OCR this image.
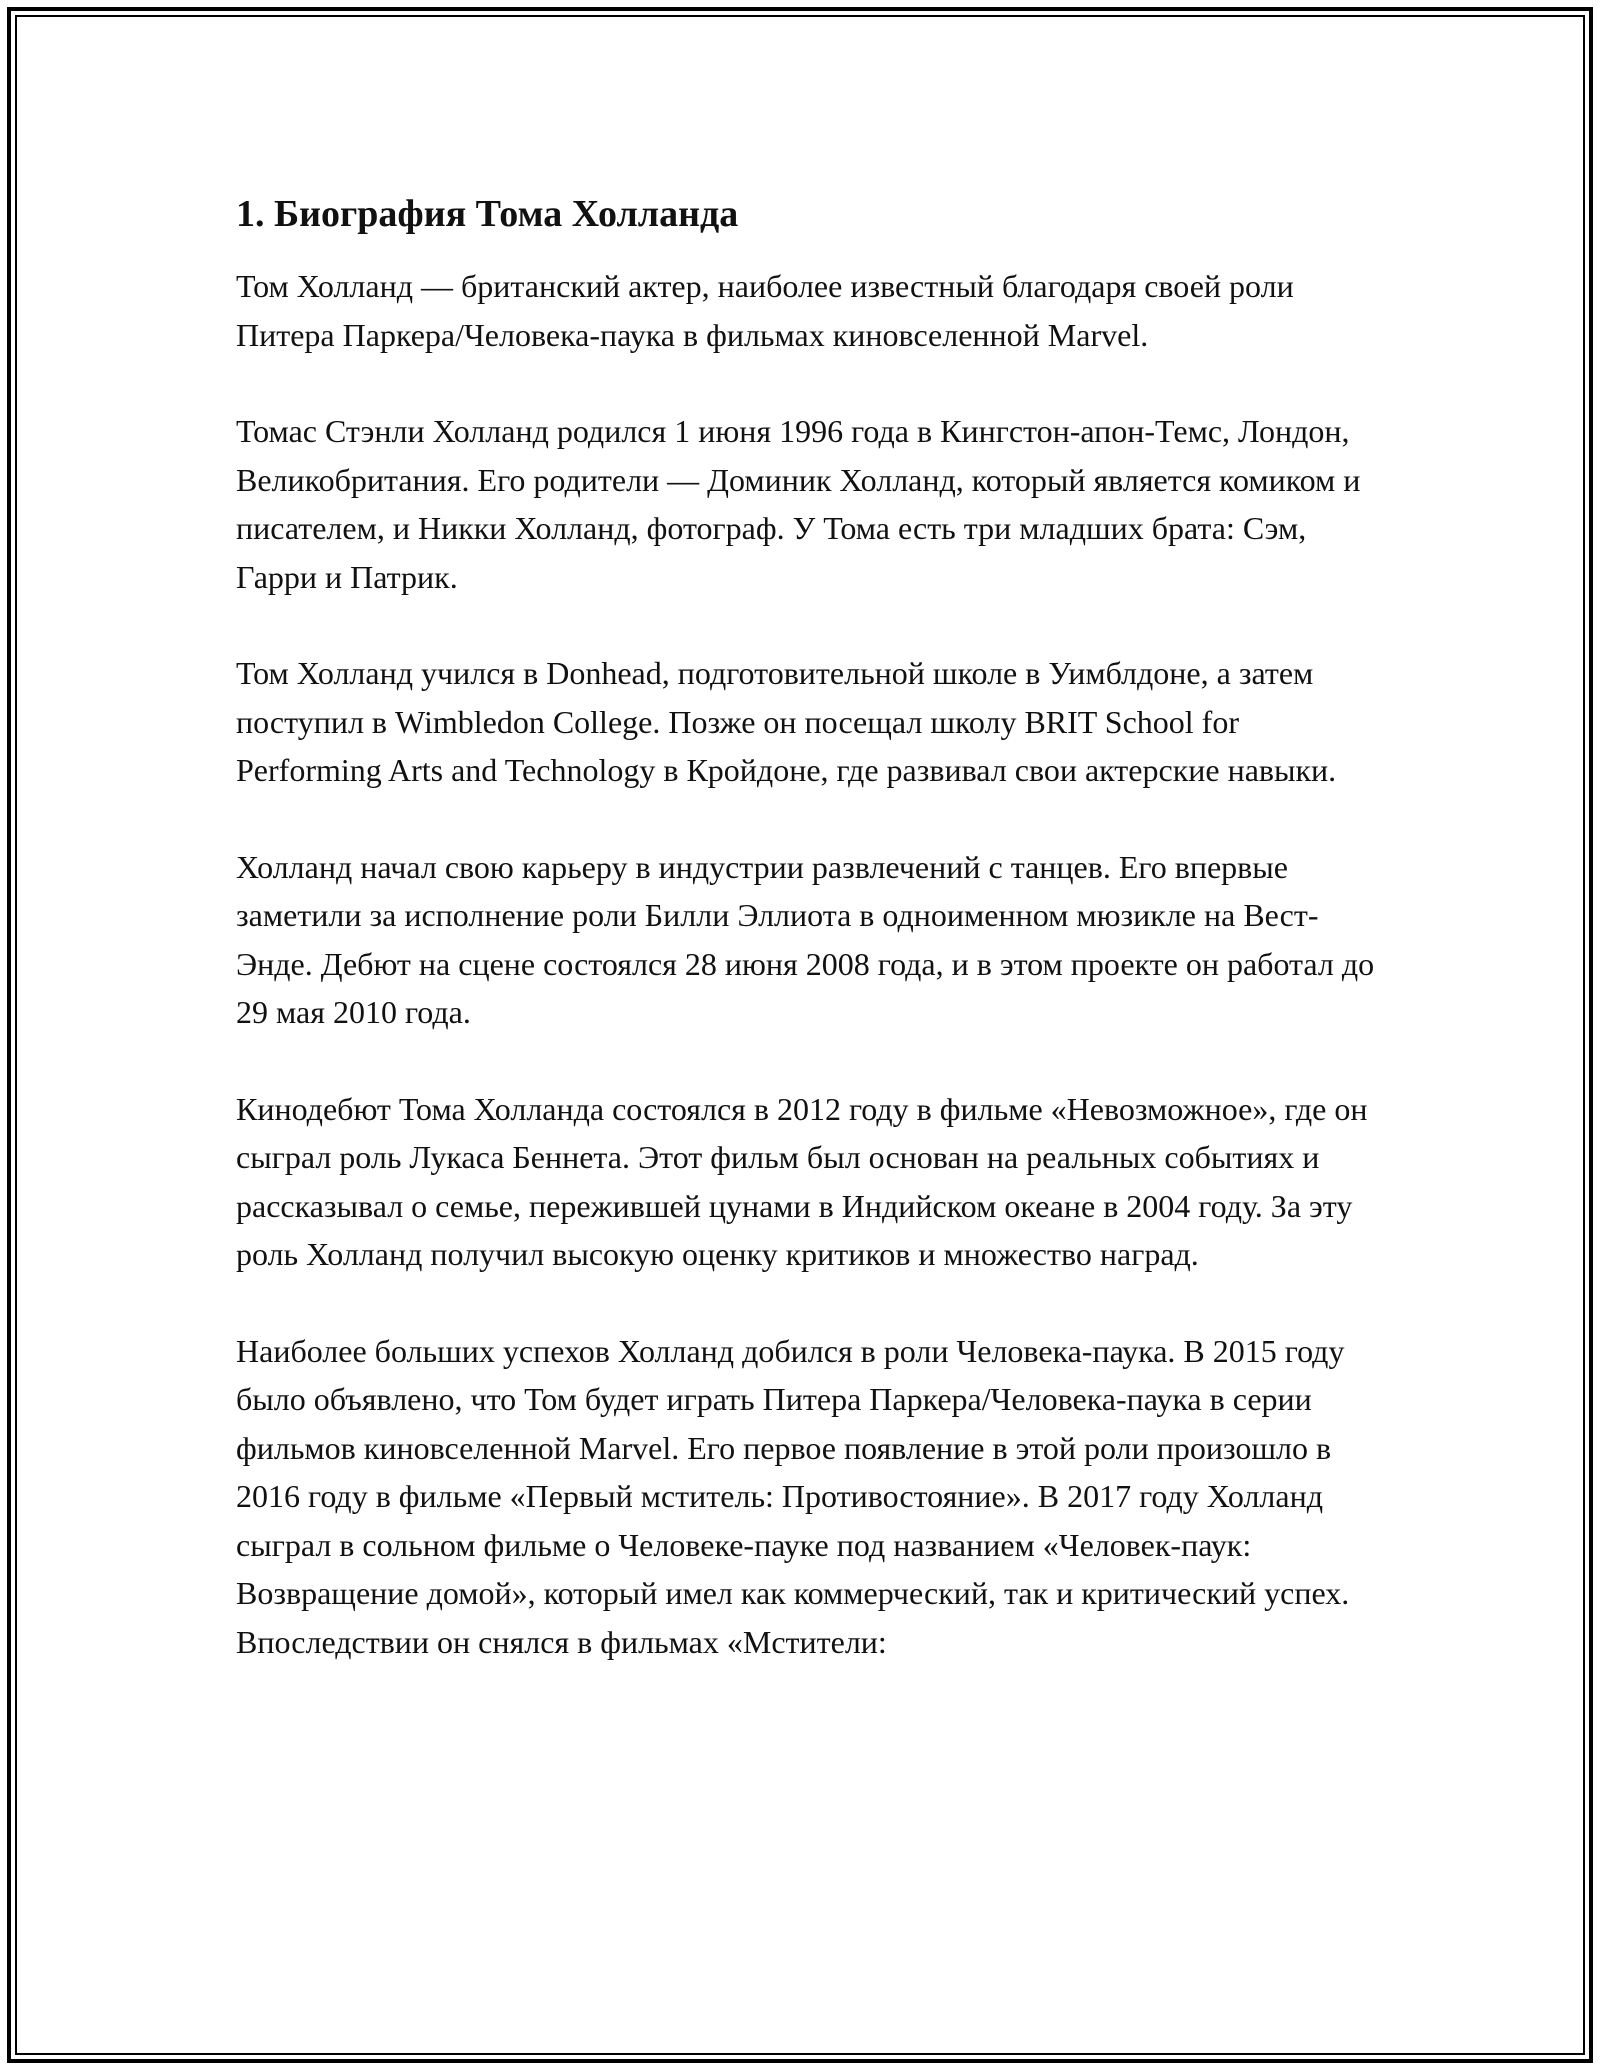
1. Биография Тома Холланда

Том Холланд — британский актер, наиболее известный благодаря своей роли Питера Паркера/Человека-паука в фильмах киновселенной Marvel.

Томас Стэнли Холланд родился 1 июня 1996 года в Кингстон-апон-Темс, Лондон, Великобритания. Его родители — Доминик Холланд, который является комиком и писателем, и Никки Холланд, фотограф. У Тома есть три младших брата: Сэм, Гарри и Патрик.

Том Холланд учился в Donhead, подготовительной школе в Уимблдоне, а затем поступил в Wimbledon College. Позже он посещал школу BRIT School for Performing Arts and Technology в Кройдоне, где развивал свои актерские навыки.

Холланд начал свою карьеру в индустрии развлечений с танцев. Его впервые заметили за исполнение роли Билли Эллиота в одноименном мюзикле на Вест-Энде. Дебют на сцене состоялся 28 июня 2008 года, и в этом проекте он работал до 29 мая 2010 года.

Кинодебют Тома Холланда состоялся в 2012 году в фильме «Невозможное», где он сыграл роль Лукаса Беннета. Этот фильм был основан на реальных событиях и рассказывал о семье, пережившей цунами в Индийском океане в 2004 году. За эту роль Холланд получил высокую оценку критиков и множество наград.

Наиболее больших успехов Холланд добился в роли Человека-паука. В 2015 году было объявлено, что Том будет играть Питера Паркера/Человека-паука в серии фильмов киновселенной Marvel. Его первое появление в этой роли произошло в 2016 году в фильме «Первый мститель: Противостояние». В 2017 году Холланд сыграл в сольном фильме о Человеке-пауке под названием «Человек-паук: Возвращение домой», который имел как коммерческий, так и критический успех. Впоследствии он снялся в фильмах «Мстители:
